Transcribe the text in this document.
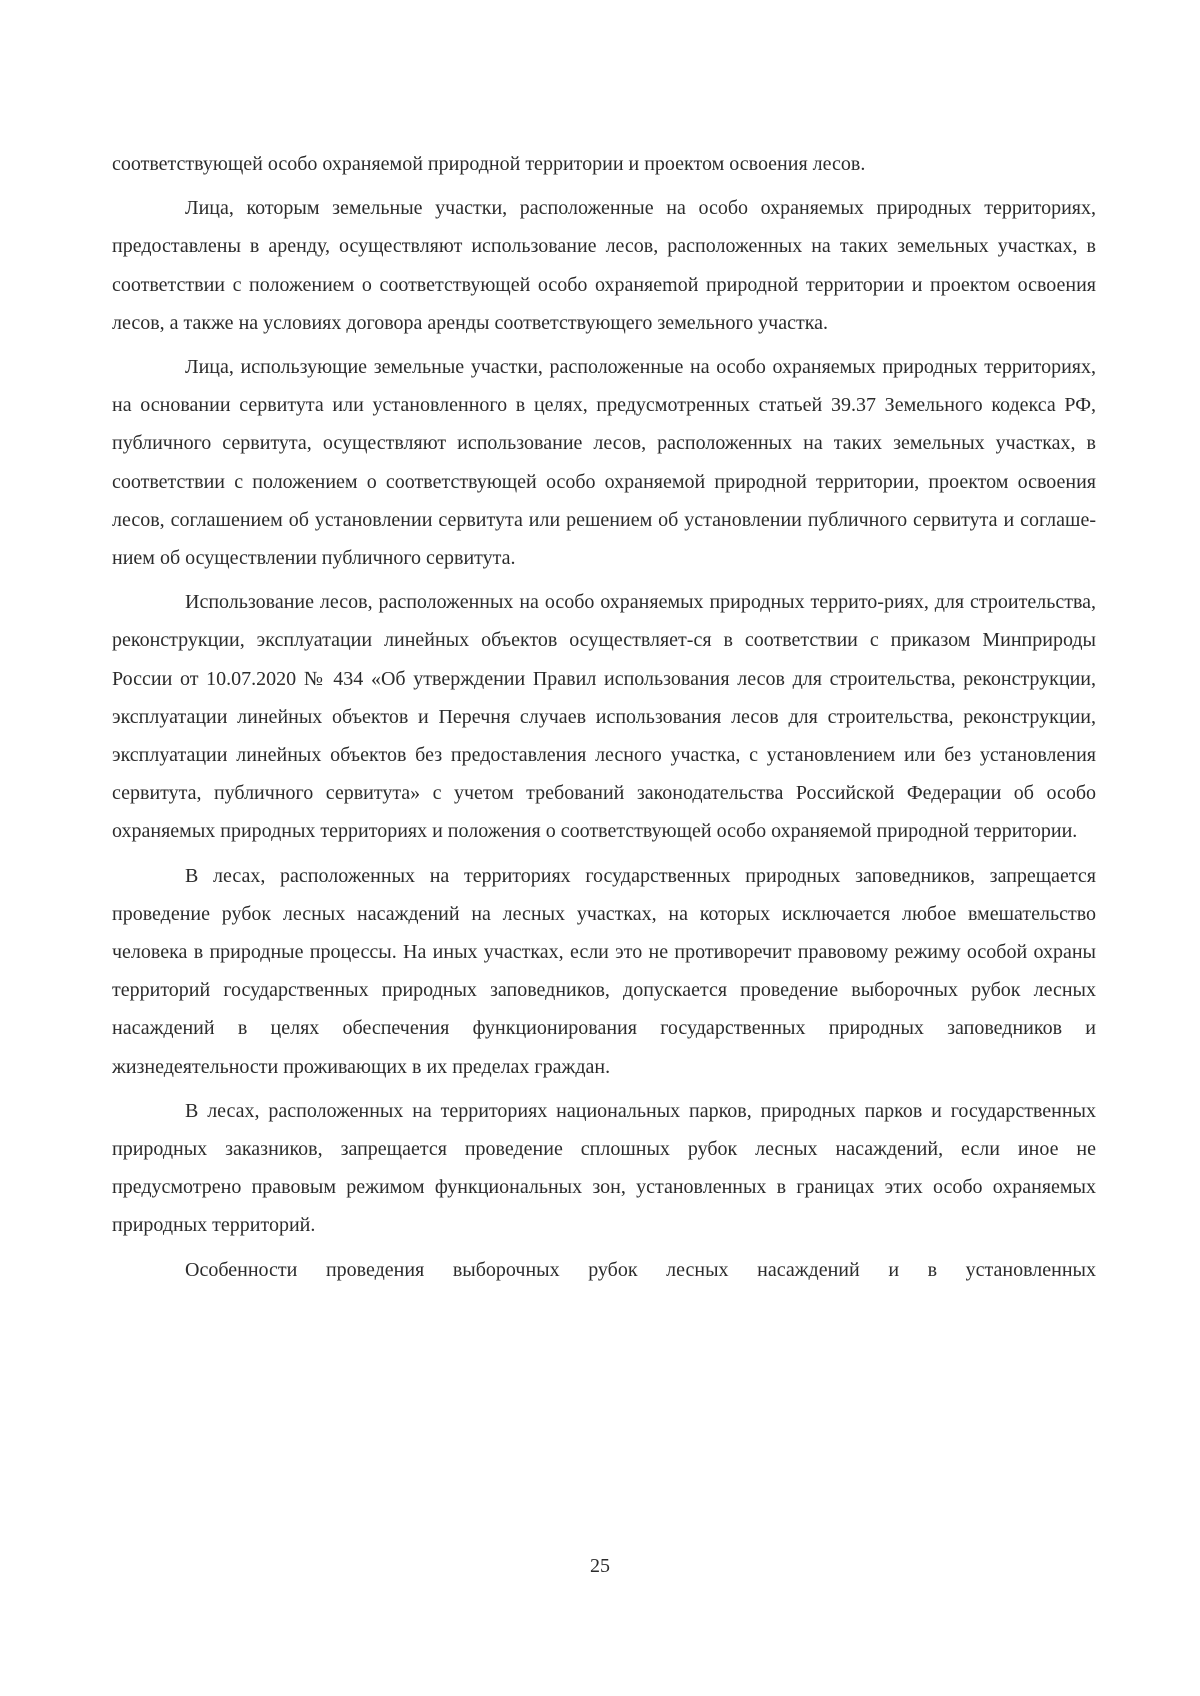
соответствующей особо охраняемой природной территории и проектом освоения лесов.

Лица, которым земельные участки, расположенные на особо охраняемых природных территориях, предоставлены в аренду, осуществляют использование лесов, расположенных на таких земельных участках, в соответствии с положением о соответствующей особо охраняеmой природной территории и проектом освоения лесов, а также на условиях договора аренды соответствующего земельного участка.

Лица, использующие земельные участки, расположенные на особо охраняемых природных территориях, на основании сервитута или установленного в целях, предусмотренных статьей 39.37 Земельного кодекса РФ, публичного сервитута, осуществляют использование лесов, расположенных на таких земельных участках, в соответствии с положением о соответствующей особо охраняемой природной территории, проектом освоения лесов, соглашением об установлении сервитута или решением об установлении публичного сервитута и соглашением об осуществлении публичного сервитута.

Использование лесов, расположенных на особо охраняемых природных террито-риях, для строительства, реконструкции, эксплуатации линейных объектов осуществляет-ся в соответствии с приказом Минприроды России от 10.07.2020 № 434 «Об утверждении Правил использования лесов для строительства, реконструкции, эксплуатации линейных объектов и Перечня случаев использования лесов для строительства, реконструкции, эксплуатации линейных объектов без предоставления лесного участка, с установлением или без установления сервитута, публичного сервитута» с учетом требований законодательства Российской Федерации об особо охраняемых природных территориях и положения о соответствующей особо охраняемой природной территории.

В лесах, расположенных на территориях государственных природных заповедников, запрещается проведение рубок лесных насаждений на лесных участках, на которых исключается любое вмешательство человека в природные процессы. На иных участках, если это не противоречит правовому режиму особой охраны территорий государственных природных заповедников, допускается проведение выборочных рубок лесных насаждений в целях обеспечения функционирования государственных природных заповедников и жизнедеятельности проживающих в их пределах граждан.

В лесах, расположенных на территориях национальных парков, природных парков и государственных природных заказников, запрещается проведение сплошных рубок лесных насаждений, если иное не предусмотрено правовым режимом функциональных зон, установленных в границах этих особо охраняемых природных территорий.

Особенности проведения выборочных рубок лесных насаждений и в установленных

25
